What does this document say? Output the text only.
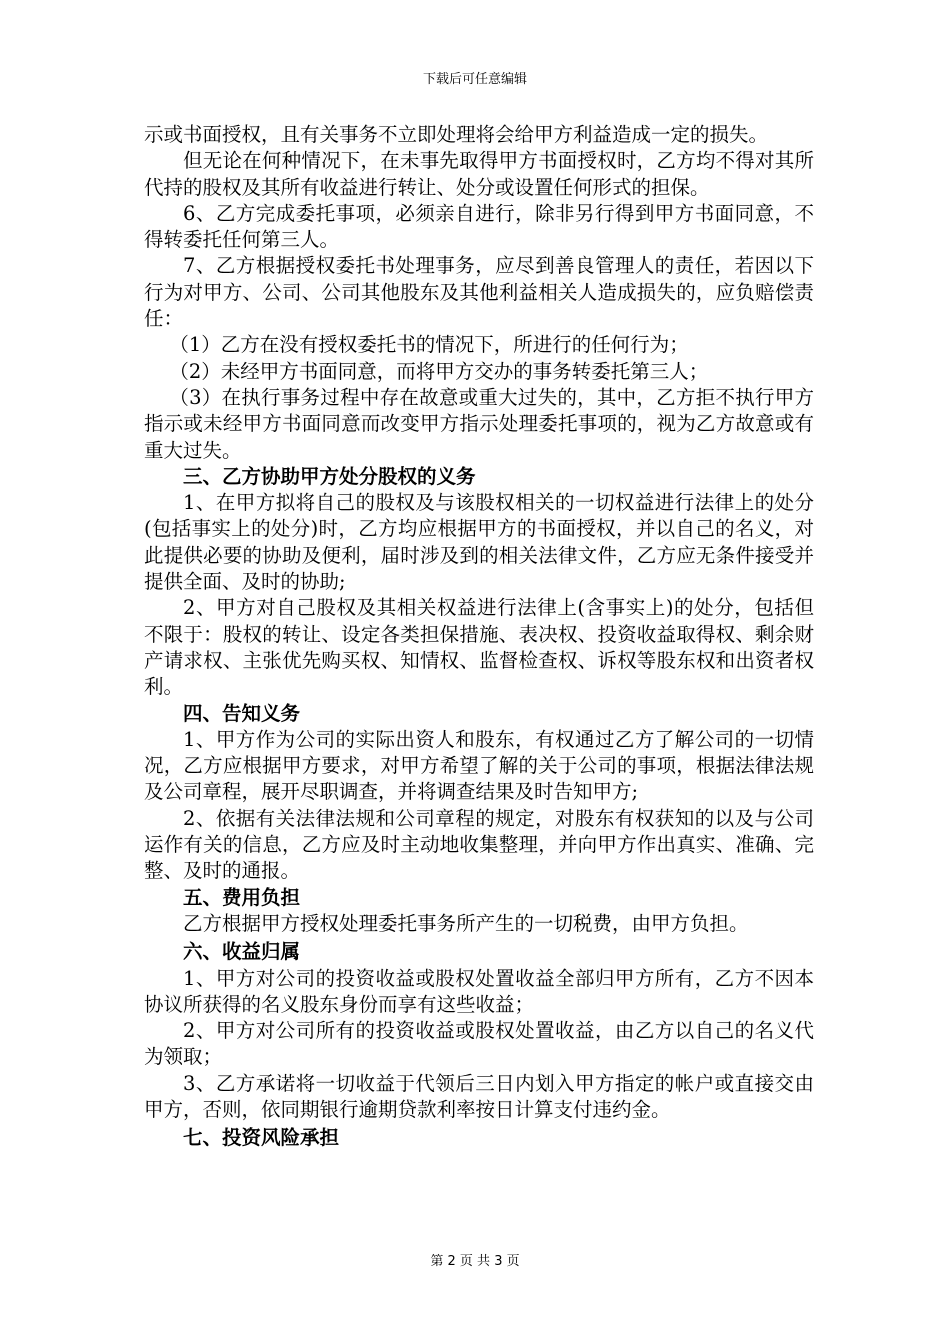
下载后可任意编辑

示或书面授权，且有关事务不立即处理将会给甲方利益造成一定的损失。

但无论在何种情况下，在未事先取得甲方书面授权时，乙方均不得对其所代持的股权及其所有收益进行转让、处分或设置任何形式的担保。

6、乙方完成委托事项，必须亲自进行，除非另行得到甲方书面同意，不得转委托任何第三人。

7、乙方根据授权委托书处理事务，应尽到善良管理人的责任，若因以下行为对甲方、公司、公司其他股东及其他利益相关人造成损失的，应负赔偿责任：

（1）乙方在没有授权委托书的情况下，所进行的任何行为；

（2）未经甲方书面同意，而将甲方交办的事务转委托第三人；

（3）在执行事务过程中存在故意或重大过失的，其中，乙方拒不执行甲方指示或未经甲方书面同意而改变甲方指示处理委托事项的，视为乙方故意或有重大过失。

三、乙方协助甲方处分股权的义务

1、在甲方拟将自己的股权及与该股权相关的一切权益进行法律上的处分(包括事实上的处分)时，乙方均应根据甲方的书面授权，并以自己的名义，对此提供必要的协助及便利，届时涉及到的相关法律文件，乙方应无条件接受并提供全面、及时的协助;

2、甲方对自己股权及其相关权益进行法律上(含事实上)的处分，包括但不限于：股权的转让、设定各类担保措施、表决权、投资收益取得权、剩余财产请求权、主张优先购买权、知情权、监督检查权、诉权等股东权和出资者权利。

四、告知义务

1、甲方作为公司的实际出资人和股东，有权通过乙方了解公司的一切情况，乙方应根据甲方要求，对甲方希望了解的关于公司的事项，根据法律法规及公司章程，展开尽职调查，并将调查结果及时告知甲方;

2、依据有关法律法规和公司章程的规定，对股东有权获知的以及与公司运作有关的信息，乙方应及时主动地收集整理，并向甲方作出真实、准确、完整、及时的通报。

五、费用负担

乙方根据甲方授权处理委托事务所产生的一切税费，由甲方负担。

六、收益归属

1、甲方对公司的投资收益或股权处置收益全部归甲方所有，乙方不因本协议所获得的名义股东身份而享有这些收益；

2、甲方对公司所有的投资收益或股权处置收益，由乙方以自己的名义代为领取；

3、乙方承诺将一切收益于代领后三日内划入甲方指定的帐户或直接交由甲方，否则，依同期银行逾期贷款利率按日计算支付违约金。

七、投资风险承担

第 2 页 共 3 页
